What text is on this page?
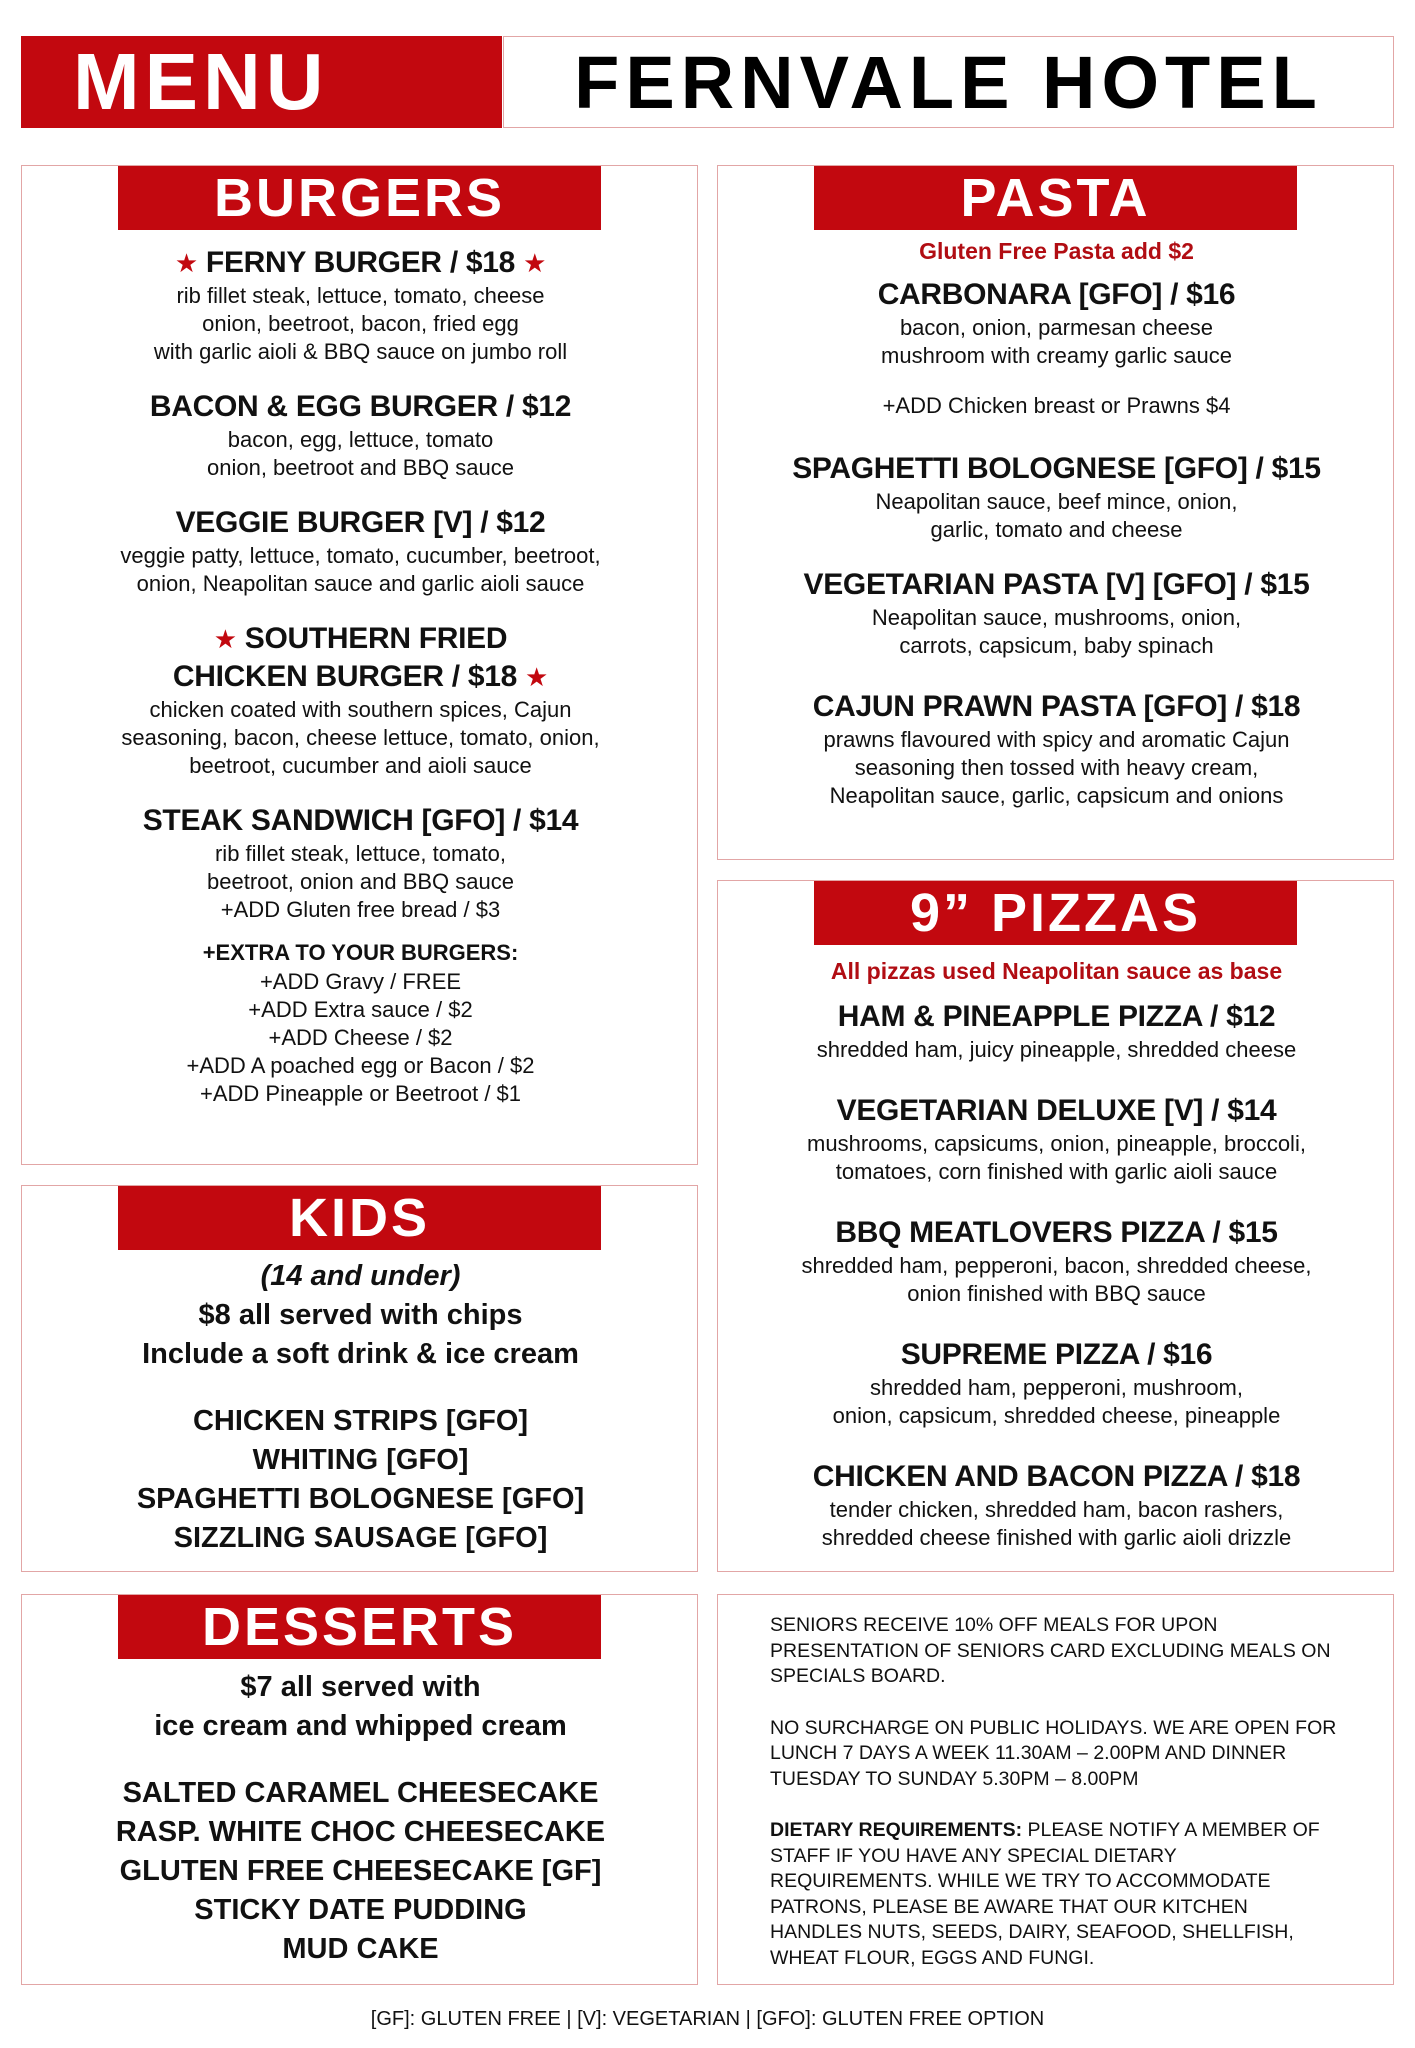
MENU	FERNVALE HOTEL
BURGERS
★ FERNY BURGER / $18 ★
rib fillet steak, lettuce, tomato, cheese
onion, beetroot, bacon, fried egg
with garlic aioli & BBQ sauce on jumbo roll
BACON & EGG BURGER / $12
bacon, egg, lettuce, tomato
onion, beetroot and BBQ sauce
VEGGIE BURGER [V] / $12
veggie patty, lettuce, tomato, cucumber, beetroot,
onion, Neapolitan sauce and garlic aioli sauce
★ SOUTHERN FRIED
CHICKEN BURGER / $18 ★
chicken coated with southern spices, Cajun
seasoning, bacon, cheese lettuce, tomato, onion,
beetroot, cucumber and aioli sauce
STEAK SANDWICH [GFO] / $14
rib fillet steak, lettuce, tomato,
beetroot, onion and BBQ sauce
+ADD Gluten free bread / $3
+EXTRA TO YOUR BURGERS:
+ADD Gravy / FREE
+ADD Extra sauce / $2
+ADD Cheese / $2
+ADD A poached egg or Bacon / $2
+ADD Pineapple or Beetroot / $1
KIDS
(14 and under)
$8 all served with chips
Include a soft drink & ice cream
CHICKEN STRIPS [GFO]
WHITING [GFO]
SPAGHETTI BOLOGNESE [GFO]
SIZZLING SAUSAGE [GFO]
DESSERTS
$7 all served with
ice cream and whipped cream
SALTED CARAMEL CHEESECAKE
RASP. WHITE CHOC CHEESECAKE
GLUTEN FREE CHEESECAKE [GF]
STICKY DATE PUDDING
MUD CAKE
PASTA
Gluten Free Pasta add $2
CARBONARA [GFO] / $16
bacon, onion, parmesan cheese
mushroom with creamy garlic sauce
+ADD Chicken breast or Prawns $4
SPAGHETTI BOLOGNESE [GFO] / $15
Neapolitan sauce, beef mince, onion,
garlic, tomato and cheese
VEGETARIAN PASTA [V] [GFO] / $15
Neapolitan sauce, mushrooms, onion,
carrots, capsicum, baby spinach
CAJUN PRAWN PASTA [GFO] / $18
prawns flavoured with spicy and aromatic Cajun
seasoning then tossed with heavy cream,
Neapolitan sauce, garlic, capsicum and onions
9” PIZZAS
All pizzas used Neapolitan sauce as base
HAM & PINEAPPLE PIZZA / $12
shredded ham, juicy pineapple, shredded cheese
VEGETARIAN DELUXE [V] / $14
mushrooms, capsicums, onion, pineapple, broccoli,
tomatoes, corn finished with garlic aioli sauce
BBQ MEATLOVERS PIZZA / $15
shredded ham, pepperoni, bacon, shredded cheese,
onion finished with BBQ sauce
SUPREME PIZZA / $16
shredded ham, pepperoni, mushroom,
onion, capsicum, shredded cheese, pineapple
CHICKEN AND BACON PIZZA / $18
tender chicken, shredded ham, bacon rashers,
shredded cheese finished with garlic aioli drizzle

SENIORS RECEIVE 10% OFF MEALS FOR UPON PRESENTATION OF SENIORS CARD EXCLUDING MEALS ON SPECIALS BOARD.

NO SURCHARGE ON PUBLIC HOLIDAYS. WE ARE OPEN FOR LUNCH 7 DAYS A WEEK 11.30AM – 2.00PM AND DINNER TUESDAY TO SUNDAY 5.30PM – 8.00PM

DIETARY REQUIREMENTS: PLEASE NOTIFY A MEMBER OF STAFF IF YOU HAVE ANY SPECIAL DIETARY REQUIREMENTS. WHILE WE TRY TO ACCOMMODATE PATRONS, PLEASE BE AWARE THAT OUR KITCHEN HANDLES NUTS, SEEDS, DAIRY, SEAFOOD, SHELLFISH, WHEAT FLOUR, EGGS AND FUNGI.

[GF]: GLUTEN FREE | [V]: VEGETARIAN | [GFO]: GLUTEN FREE OPTION
